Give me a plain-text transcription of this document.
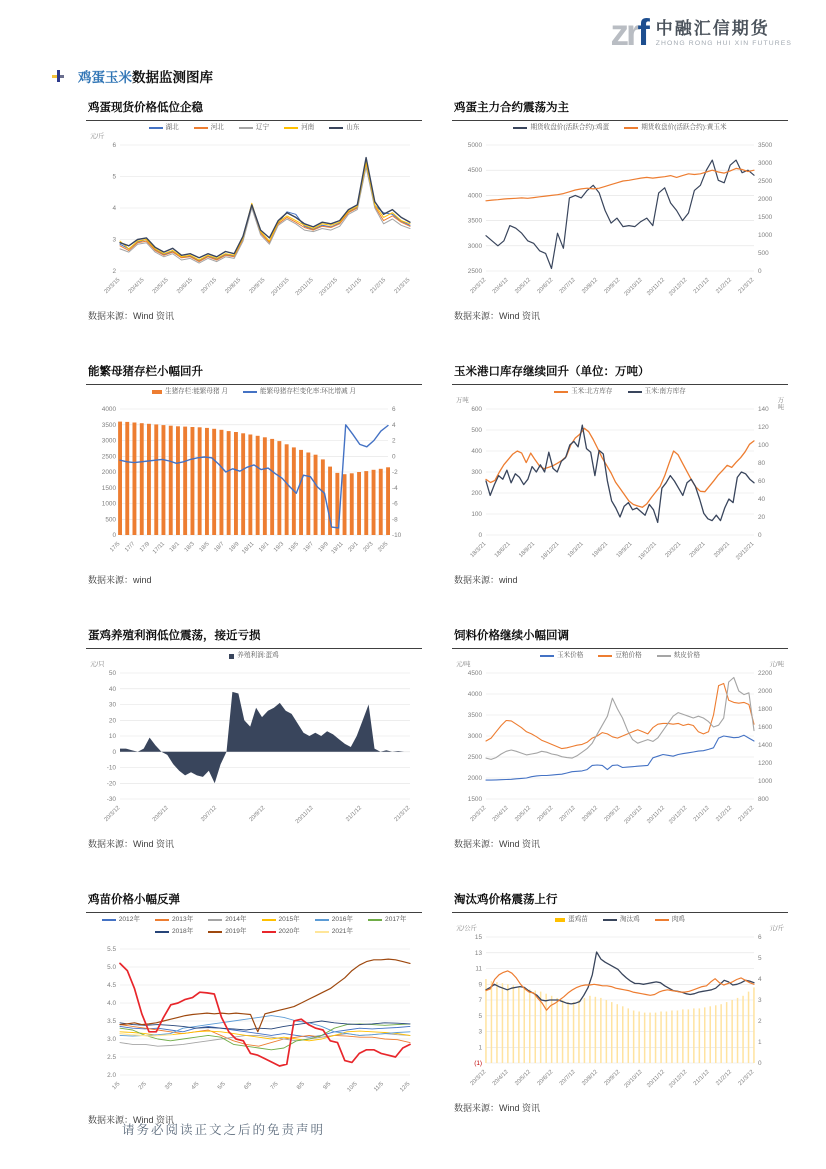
zrf 中融汇信期货
ZHONG RONG HUI XIN FUTURES
鸡蛋玉米数据监测图库
鸡蛋现货价格低位企稳
湖北	河北	辽宁	河南	山东
2
3
4
5
6
元/斤
20/3/15 20/4/15 20/5/15 20/6/15 20/7/15 20/8/15 20/9/15 20/10/15 20/11/15 20/12/15 21/1/15 21/2/15 21/3/15
数据来源：Wind 资讯
鸡蛋主力合约震荡为主
期货收盘价(活跃合约):鸡蛋	期货收盘价(活跃合约):黄玉米
2500
3000
3500
4000
4500
5000
0
500
1000
1500
2000
2500
3000
3500
20/3/12 20/4/12 20/5/12 20/6/12 20/7/12 20/8/12 20/9/12 20/10/12 20/11/12 20/12/12 21/1/12 21/2/12 21/3/12
数据来源：Wind 资讯
能繁母猪存栏小幅回升
生猪存栏:能繁母猪 月	能繁母猪存栏变化率:环比增减 月
0
500
1000
1500
2000
2500
3000
3500
4000
-10
-8
-6
-4
-2
0
2
4
6
17/5 17/7 17/9 17/11 18/1 18/3 18/5 18/7 18/9 18/11 19/1 19/3 19/5 19/7 19/9 19/11 20/1 20/3 20/5
数据来源：wind
玉米港口库存继续回升（单位：万吨）
玉米:北方库存	玉米:南方库存
0
100
200
300
400
500
600
0
20
40
60
80
100
120
140
万吨	万吨
18/3/21 18/6/21 18/9/21 18/12/21 19/3/21 19/6/21 19/9/21 19/12/21 20/3/21 20/6/21 20/9/21 20/12/21
数据来源：wind
蛋鸡养殖利润低位震荡，接近亏损
养殖利润:蛋鸡
-30
-20
-10
0
10
20
30
40
50
元/只
20/3/12	20/5/12	20/7/12	20/9/12	20/11/12	21/1/12	21/3/12
数据来源：Wind 资讯
饲料价格继续小幅回调
玉米价格	豆粕价格	麸皮价格
1500
2000
2500
3000
3500
4000
4500
800
1000
1200
1400
1600
1800
2000
2200
元/吨	元/吨
20/3/12 20/4/12 20/5/12 20/6/12 20/7/12 20/8/12 20/9/12 20/10/12 20/11/12 20/12/12 21/1/12 21/2/12 21/3/12
数据来源：Wind 资讯
鸡苗价格小幅反弹
2012年	2013年	2014年	2015年	2016年	2017年
2018年	2019年	2020年	2021年
2.0
2.5
3.0
3.5
4.0
4.5
5.0
5.5
1/5	2/5	3/5	4/5	5/5	6/5	7/5	8/5	9/5 10/5 11/5 12/5
数据来源：Wind 资讯
淘汰鸡价格震荡上行
蛋鸡苗	淘汰鸡	肉鸡
(1)
1
3
5
7
9
11
13
15
0
1
2
3
4
5
6
元/公斤	元/斤
20/3/12 20/4/12 20/5/12 20/6/12 20/7/12 20/8/12 20/9/12 20/10/12 20/11/12 20/12/12 21/1/12 21/2/12 21/3/12
数据来源：Wind 资讯
请务必阅读正文之后的免责声明
